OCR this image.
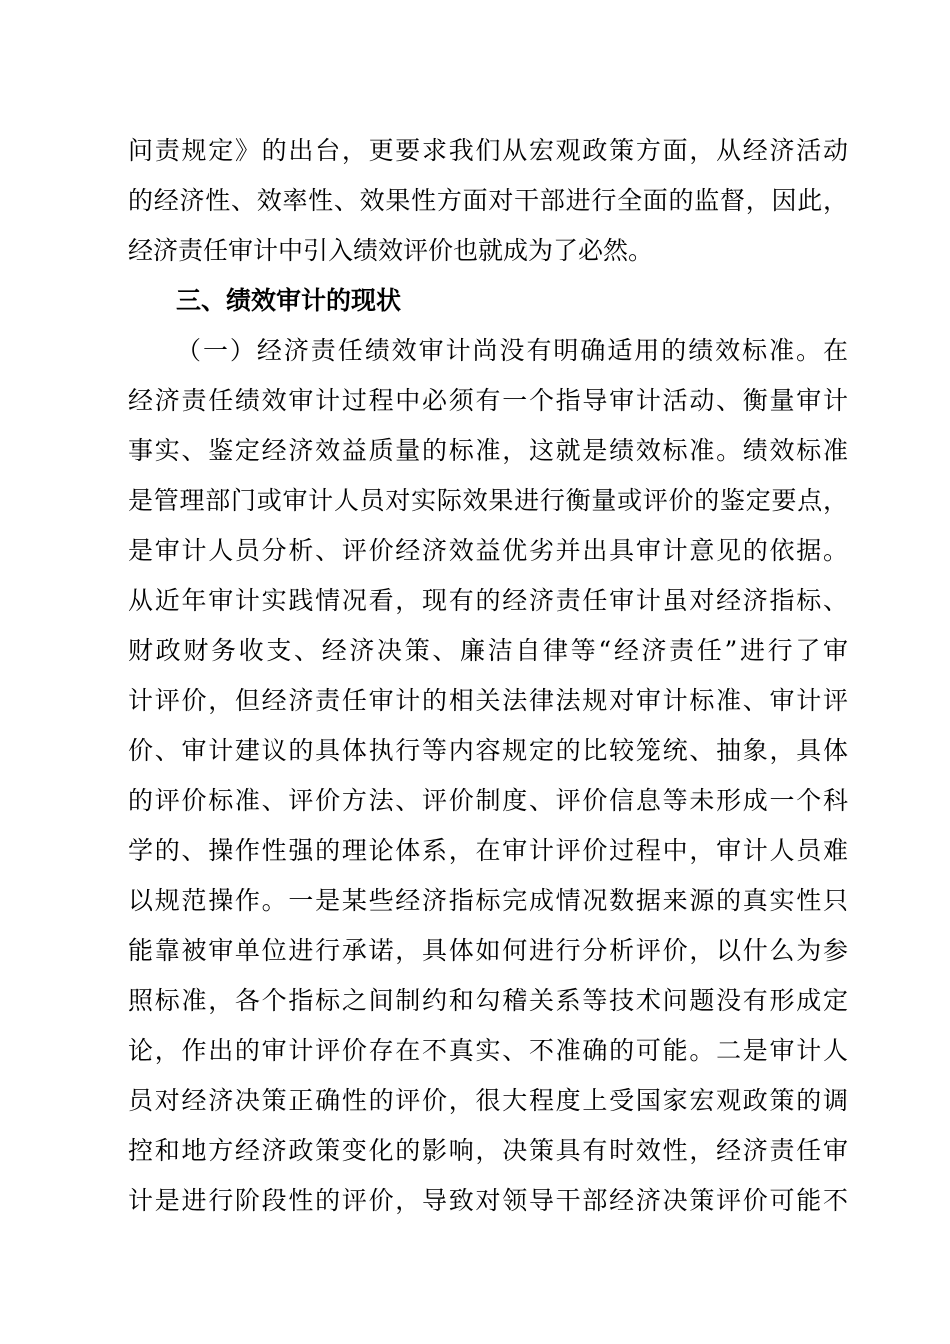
问责规定》的出台，更要求我们从宏观政策方面，从经济活动
的经济性、效率性、效果性方面对干部进行全面的监督，因此，
经济责任审计中引入绩效评价也就成为了必然。
三、绩效审计的现状
（一）经济责任绩效审计尚没有明确适用的绩效标准。在
经济责任绩效审计过程中必须有一个指导审计活动、衡量审计
事实、鉴定经济效益质量的标准，这就是绩效标准。绩效标准
是管理部门或审计人员对实际效果进行衡量或评价的鉴定要点，
是审计人员分析、评价经济效益优劣并出具审计意见的依据。
从近年审计实践情况看，现有的经济责任审计虽对经济指标、
财政财务收支、经济决策、廉洁自律等“经济责任”进行了审
计评价，但经济责任审计的相关法律法规对审计标准、审计评
价、审计建议的具体执行等内容规定的比较笼统、抽象，具体
的评价标准、评价方法、评价制度、评价信息等未形成一个科
学的、操作性强的理论体系，在审计评价过程中，审计人员难
以规范操作。一是某些经济指标完成情况数据来源的真实性只
能靠被审单位进行承诺，具体如何进行分析评价，以什么为参
照标准，各个指标之间制约和勾稽关系等技术问题没有形成定
论，作出的审计评价存在不真实、不准确的可能。二是审计人
员对经济决策正确性的评价，很大程度上受国家宏观政策的调
控和地方经济政策变化的影响，决策具有时效性，经济责任审
计是进行阶段性的评价，导致对领导干部经济决策评价可能不
